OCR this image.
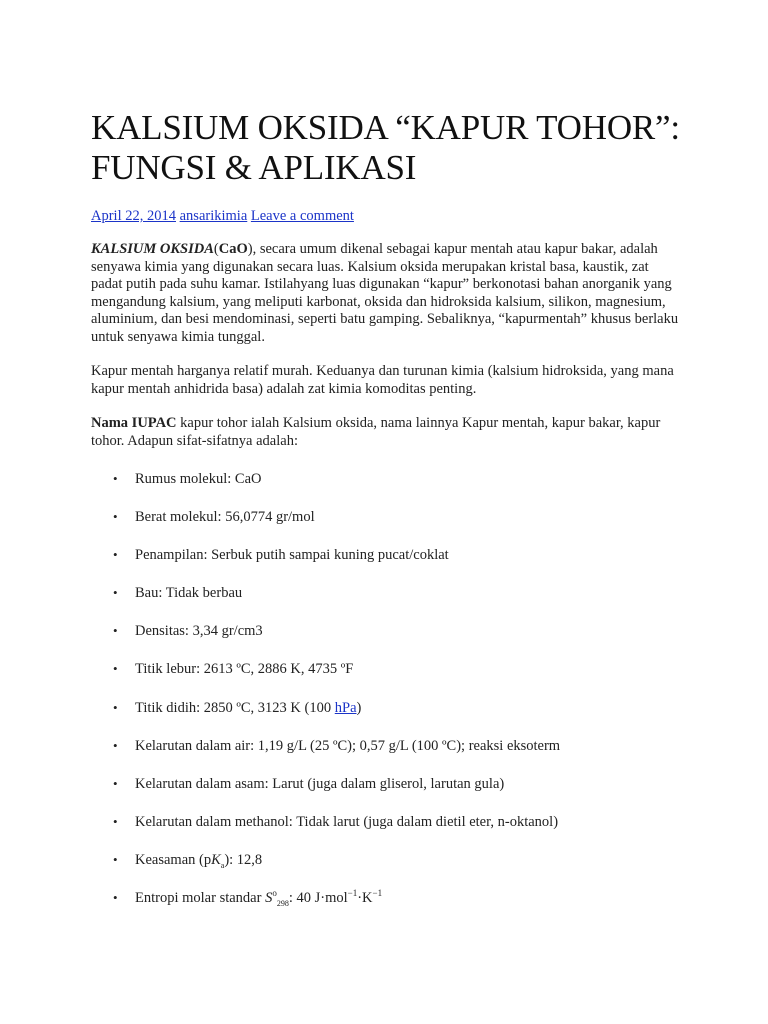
KALSIUM OKSIDA “KAPUR TOHOR”:
FUNGSI & APLIKASI
April 22, 2014 ansarikimia Leave a comment

KALSIUM OKSIDA(CaO), secara umum dikenal sebagai kapur mentah atau kapur bakar, adalah senyawa kimia yang digunakan secara luas. Kalsium oksida merupakan kristal basa, kaustik, zat padat putih pada suhu kamar. Istilahyang luas digunakan “kapur” berkonotasi bahan anorganik yang mengandung kalsium, yang meliputi karbonat, oksida dan hidroksida kalsium, silikon, magnesium, aluminium, dan besi mendominasi, seperti batu gamping. Sebaliknya, “kapurmentah” khusus berlaku untuk senyawa kimia tunggal.

Kapur mentah harganya relatif murah. Keduanya dan turunan kimia (kalsium hidroksida, yang mana kapur mentah anhidrida basa) adalah zat kimia komoditas penting.

Nama IUPAC kapur tohor ialah Kalsium oksida, nama lainnya Kapur mentah, kapur bakar, kapur tohor. Adapun sifat-sifatnya adalah:

• Rumus molekul: CaO
• Berat molekul: 56,0774 gr/mol
• Penampilan: Serbuk putih sampai kuning pucat/coklat
• Bau: Tidak berbau
• Densitas: 3,34 gr/cm3
• Titik lebur: 2613 ºC, 2886 K, 4735 ºF
• Titik didih: 2850 ºC, 3123 K (100 hPa)
• Kelarutan dalam air: 1,19 g/L (25 ºC); 0,57 g/L (100 ºC); reaksi eksoterm
• Kelarutan dalam asam: Larut (juga dalam gliserol, larutan gula)
• Kelarutan dalam methanol: Tidak larut (juga dalam dietil eter, n-oktanol)
• Keasaman $(pK_a)$: 12,8
• Entropi molar standar $S^o_{298}$: 40 $J\cdot mol^{-1}\cdot K^{-1}$
